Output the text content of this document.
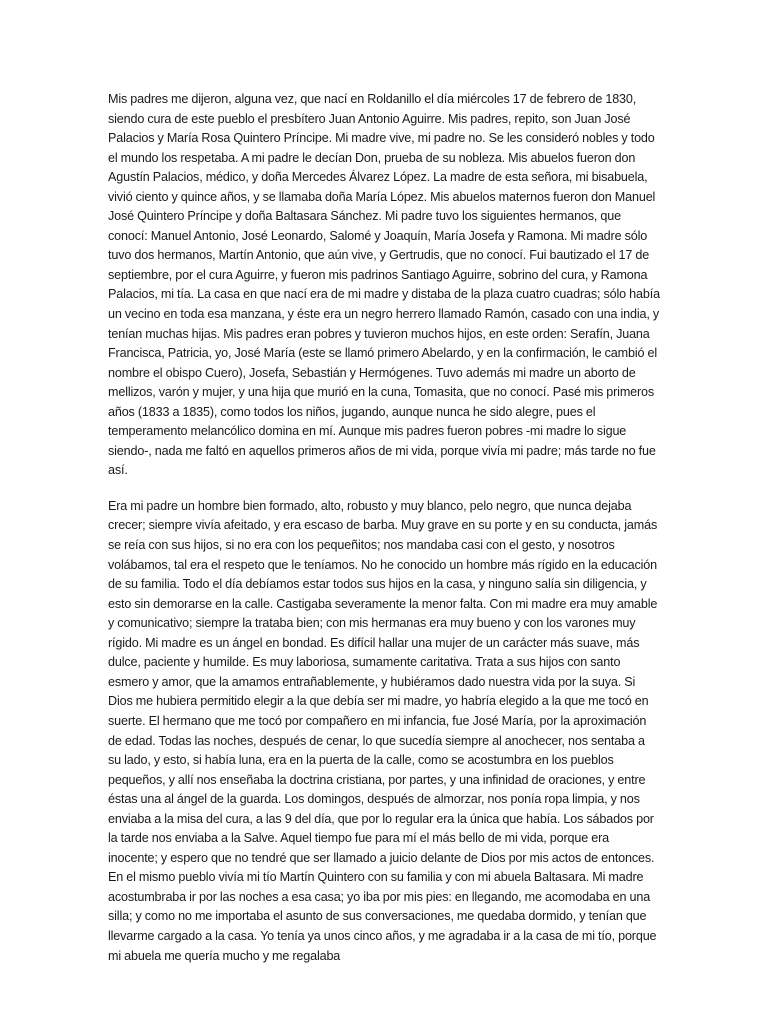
Mis padres me dijeron, alguna vez, que nací en Roldanillo el día miércoles 17 de febrero de 1830, siendo cura de este pueblo el presbítero Juan Antonio Aguirre. Mis padres, repito, son Juan José Palacios y María Rosa Quintero Príncipe. Mi madre vive, mi padre no. Se les consideró nobles y todo el mundo los respetaba. A mi padre le decían Don, prueba de su nobleza. Mis abuelos fueron don Agustín Palacios, médico, y doña Mercedes Álvarez López. La madre de esta señora, mi bisabuela, vivió ciento y quince años, y se llamaba doña María López. Mis abuelos maternos fueron don Manuel José Quintero Príncipe y doña Baltasara Sánchez. Mi padre tuvo los siguientes hermanos, que conocí: Manuel Antonio, José Leonardo, Salomé y Joaquín, María Josefa y Ramona. Mi madre sólo tuvo dos hermanos, Martín Antonio, que aún vive, y Gertrudis, que no conocí. Fui bautizado el 17 de septiembre, por el cura Aguirre, y fueron mis padrinos Santiago Aguirre, sobrino del cura, y Ramona Palacios, mi tía. La casa en que nací era de mi madre y distaba de la plaza cuatro cuadras; sólo había un vecino en toda esa manzana, y éste era un negro herrero llamado Ramón, casado con una india, y tenían muchas hijas. Mis padres eran pobres y tuvieron muchos hijos, en este orden: Serafín, Juana Francisca, Patricia, yo, José María (este se llamó primero Abelardo, y en la confirmación, le cambió el nombre el obispo Cuero), Josefa, Sebastián y Hermógenes. Tuvo además mi madre un aborto de mellizos, varón y mujer, y una hija que murió en la cuna, Tomasita, que no conocí. Pasé mis primeros años (1833 a 1835), como todos los niños, jugando, aunque nunca he sido alegre, pues el temperamento melancólico domina en mí. Aunque mis padres fueron pobres -mi madre lo sigue siendo-, nada me faltó en aquellos primeros años de mi vida, porque vivía mi padre; más tarde no fue así.

Era mi padre un hombre bien formado, alto, robusto y muy blanco, pelo negro, que nunca dejaba crecer; siempre vivía afeitado, y era escaso de barba. Muy grave en su porte y en su conducta, jamás se reía con sus hijos, si no era con los pequeñitos; nos mandaba casi con el gesto, y nosotros volábamos, tal era el respeto que le teníamos. No he conocido un hombre más rígido en la educación de su familia. Todo el día debíamos estar todos sus hijos en la casa, y ninguno salía sin diligencia, y esto sin demorarse en la calle. Castigaba severamente la menor falta. Con mi madre era muy amable y comunicativo; siempre la trataba bien; con mis hermanas era muy bueno y con los varones muy rígido. Mi madre es un ángel en bondad. Es difícil hallar una mujer de un carácter más suave, más dulce, paciente y humilde. Es muy laboriosa, sumamente caritativa. Trata a sus hijos con santo esmero y amor, que la amamos entrañablemente, y hubiéramos dado nuestra vida por la suya. Si Dios me hubiera permitido elegir a la que debía ser mi madre, yo habría elegido a la que me tocó en suerte. El hermano que me tocó por compañero en mi infancia, fue José María, por la aproximación de edad. Todas las noches, después de cenar, lo que sucedía siempre al anochecer, nos sentaba a su lado, y esto, si había luna, era en la puerta de la calle, como se acostumbra en los pueblos pequeños, y allí nos enseñaba la doctrina cristiana, por partes, y una infinidad de oraciones, y entre éstas una al ángel de la guarda. Los domingos, después de almorzar, nos ponía ropa limpia, y nos enviaba a la misa del cura, a las 9 del día, que por lo regular era la única que había. Los sábados por la tarde nos enviaba a la Salve. Aquel tiempo fue para mí el más bello de mi vida, porque era inocente; y espero que no tendré que ser llamado a juicio delante de Dios por mis actos de entonces. En el mismo pueblo vivía mi tío Martín Quintero con su familia y con mi abuela Baltasara. Mi madre acostumbraba ir por las noches a esa casa; yo iba por mis pies: en llegando, me acomodaba en una silla; y como no me importaba el asunto de sus conversaciones, me quedaba dormido, y tenían que llevarme cargado a la casa. Yo tenía ya unos cinco años, y me agradaba ir a la casa de mi tío, porque mi abuela me quería mucho y me regalaba
